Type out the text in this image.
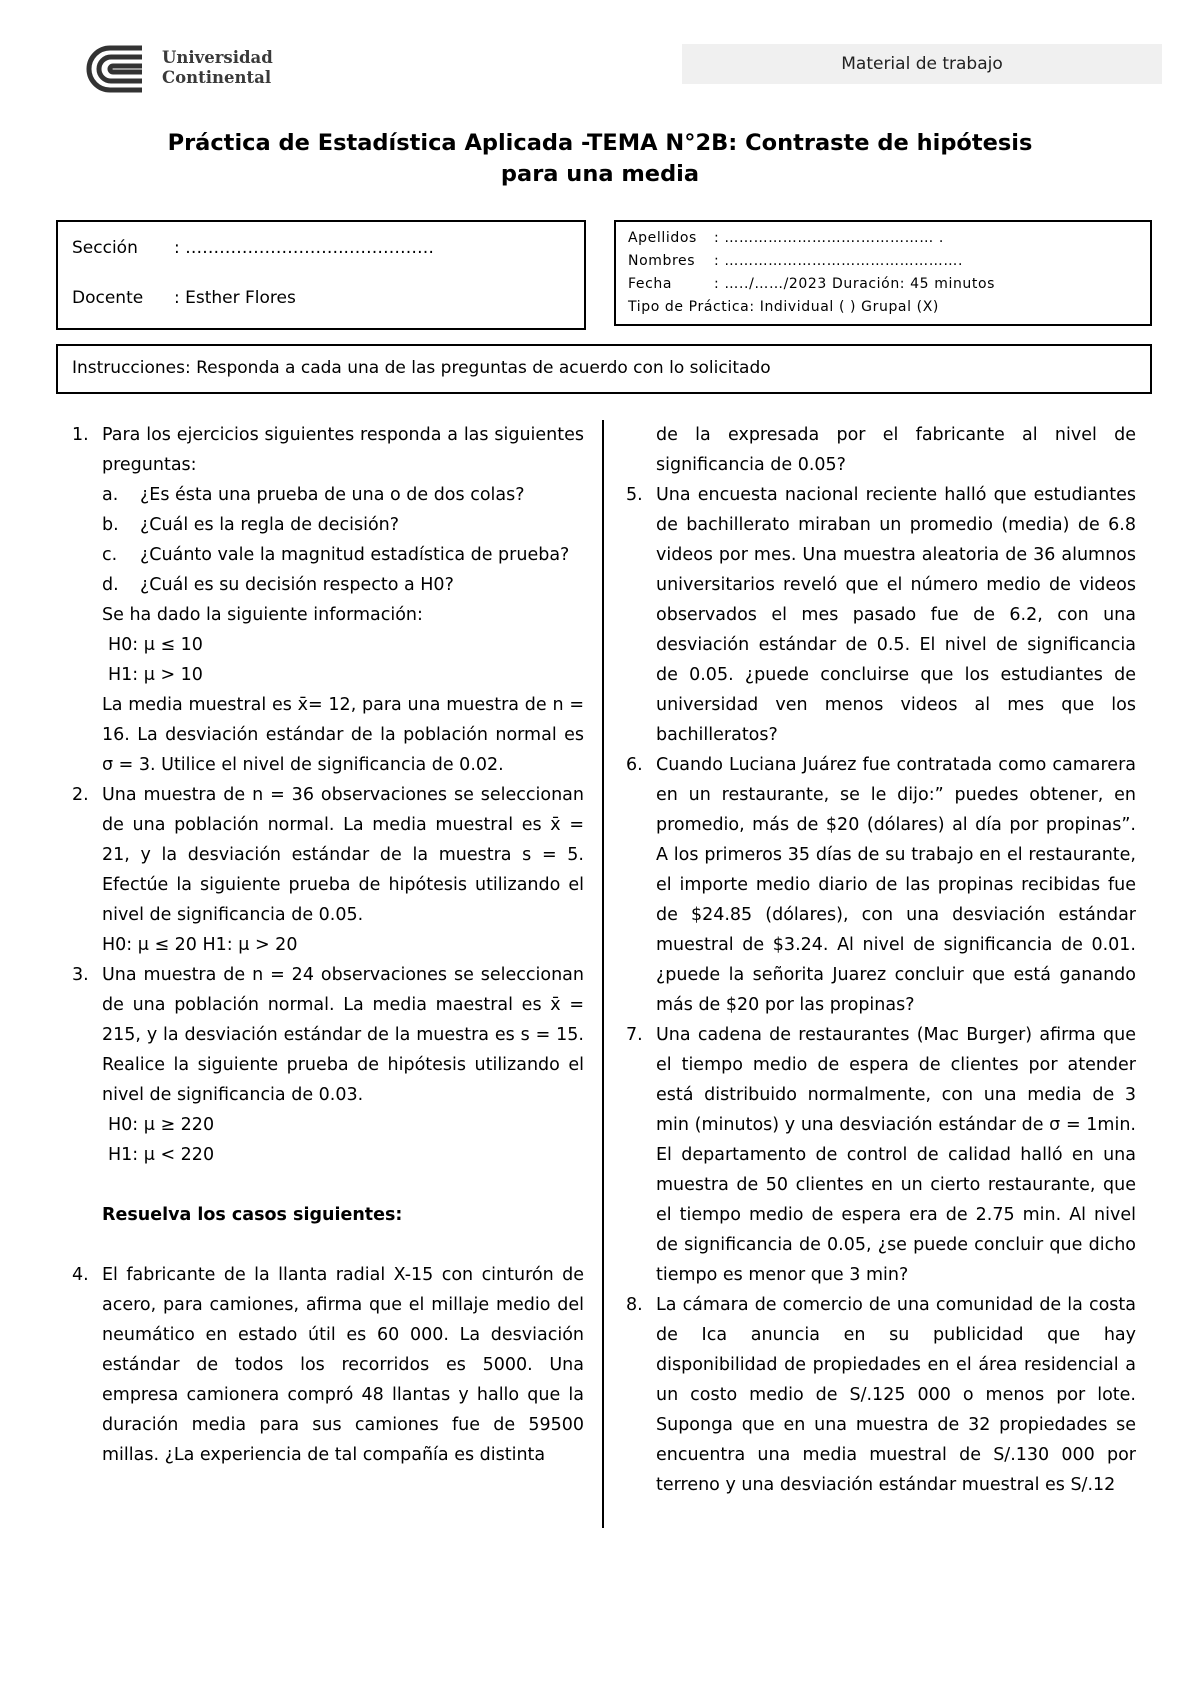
Universidad
Continental
Material de trabajo
Práctica de Estadística Aplicada -TEMA N°2B: Contraste de hipótesis
para una media
Sección : ………………………..……………
Docente : Esther Flores
Apellidos : ……………………….…………… .
Nombres : ………………………………………….
Fecha	: …../……/2023 Duración: 45 minutos
Tipo de Práctica: Individual ( ) Grupal (X)
Instrucciones: Responda a cada una de las preguntas de acuerdo con lo solicitado
1. Para los ejercicios siguientes responda a las siguientes preguntas:

a. ¿Es ésta una prueba de una o de dos colas?

b. ¿Cuál es la regla de decisión?

c. ¿Cuánto vale la magnitud estadística de prueba?

d. ¿Cuál es su decisión respecto a H0?

Se ha dado la siguiente información:

H0: μ ≤ 10

H1: μ > 10

La media muestral es x̄= 12, para una muestra de n = 16. La desviación estándar de la población normal es σ = 3. Utilice el nivel de significancia de 0.02.

2. Una muestra de n = 36 observaciones se seleccionan de una población normal. La media muestral es x̄ = 21, y la desviación estándar de la muestra s = 5. Efectúe la siguiente prueba de hipótesis utilizando el nivel de significancia de 0.05.

H0: μ ≤ 20 H1: μ > 20

3. Una muestra de n = 24 observaciones se seleccionan de una población normal. La media maestral es x̄ = 215, y la desviación estándar de la muestra es s = 15. Realice la siguiente prueba de hipótesis utilizando el nivel de significancia de 0.03.

H0: μ ≥ 220

H1: μ < 220

Resuelva los casos siguientes:

4. El fabricante de la llanta radial X-15 con cinturón de acero, para camiones, afirma que el millaje medio del neumático en estado útil es 60 000. La desviación estándar de todos los recorridos es 5000. Una empresa camionera compró 48 llantas y hallo que la duración media para sus camiones fue de 59500 millas. ¿La experiencia de tal compañía es distinta

de la expresada por el fabricante al nivel de significancia de 0.05?

5. Una encuesta nacional reciente halló que estudiantes de bachillerato miraban un promedio (media) de 6.8 videos por mes. Una muestra aleatoria de 36 alumnos universitarios reveló que el número medio de videos observados el mes pasado fue de 6.2, con una desviación estándar de 0.5. El nivel de significancia de 0.05. ¿puede concluirse que los estudiantes de universidad ven menos videos al mes que los bachilleratos?

6. Cuando Luciana Juárez fue contratada como camarera en un restaurante, se le dijo:” puedes obtener, en promedio, más de $20 (dólares) al día por propinas”. A los primeros 35 días de su trabajo en el restaurante, el importe medio diario de las propinas recibidas fue de $24.85 (dólares), con una desviación estándar muestral de $3.24. Al nivel de significancia de 0.01. ¿puede la señorita Juarez concluir que está ganando más de $20 por las propinas?

7. Una cadena de restaurantes (Mac Burger) afirma que el tiempo medio de espera de clientes por atender está distribuido normalmente, con una media de 3 min (minutos) y una desviación estándar de σ = 1min. El departamento de control de calidad halló en una muestra de 50 clientes en un cierto restaurante, que el tiempo medio de espera era de 2.75 min. Al nivel de significancia de 0.05, ¿se puede concluir que dicho tiempo es menor que 3 min?

8. La cámara de comercio de una comunidad de la costa de Ica anuncia en su publicidad que hay disponibilidad de propiedades en el área residencial a un costo medio de S/.125 000 o menos por lote. Suponga que en una muestra de 32 propiedades se encuentra una media muestral de S/.130 000 por terreno y una desviación estándar muestral es S/.12
